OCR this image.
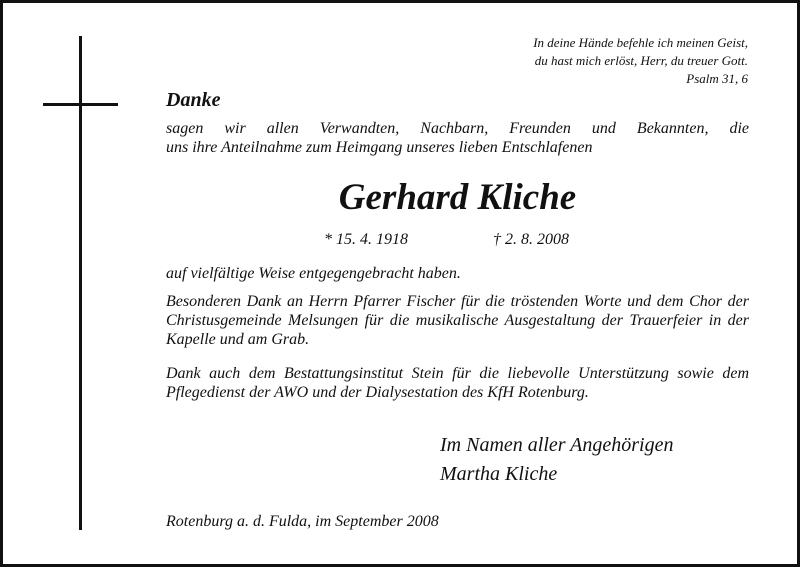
In deine Hände befehle ich meinen Geist,
du hast mich erlöst, Herr, du treuer Gott.
Psalm 31, 6
Danke

sagen wir allen Verwandten, Nachbarn, Freunden und Bekannten, die

uns ihre Anteilnahme zum Heimgang unseres lieben Entschlafenen

Gerhard Kliche
* 15. 4. 1918	† 2. 8. 2008

auf vielfältige Weise entgegengebracht haben.

Besonderen Dank an Herrn Pfarrer Fischer für die tröstenden Worte und dem Chor der Christusgemeinde Melsungen für die musikalische Ausgestaltung der Trauerfeier in der Kapelle und am Grab.

Dank auch dem Bestattungsinstitut Stein für die liebevolle Unterstützung sowie dem Pflegedienst der AWO und der Dialysestation des KfH Rotenburg.

Im Namen aller Angehörigen
Martha Kliche
Rotenburg a. d. Fulda, im September 2008
